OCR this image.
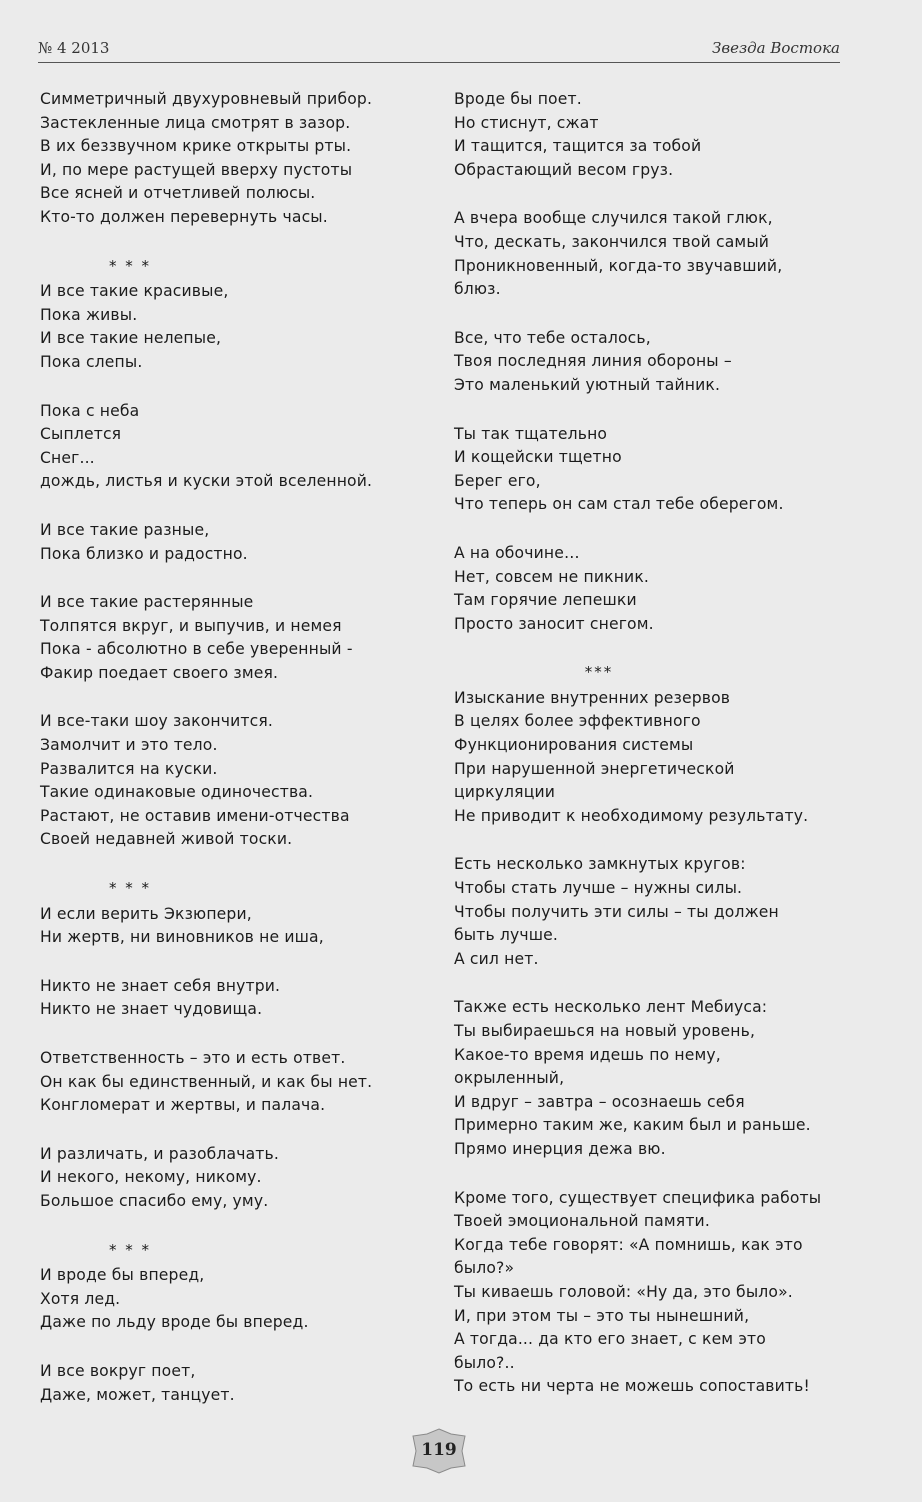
№ 4 2013	Звезда Востока
Симметричный двухуровневый прибор.
Застекленные лица смотрят в зазор.
В их беззвучном крике открыты рты.
И, по мере растущей вверху пустоты
Все ясней и отчетливей полюсы.
Кто-то должен перевернуть часы.
* * *
И все такие красивые,
Пока живы.
И все такие нелепые,
Пока слепы.
Пока с неба
Сыплется
Снег...
дождь, листья и куски этой вселенной.
И все такие разные,
Пока близко и радостно.
И все такие растерянные
Толпятся вкруг, и выпучив, и немея
Пока - абсолютно в себе уверенный -
Факир поедает своего змея.
И все-таки шоу закончится.
Замолчит и это тело.
Развалится на куски.
Такие одинаковые одиночества.
Растают, не оставив имени-отчества
Своей недавней живой тоски.
* * *
И если верить Экзюпери,
Ни жертв, ни виновников не иша,
Никто не знает себя внутри.
Никто не знает чудовища.
Ответственность – это и есть ответ.
Он как бы единственный, и как бы нет.
Конгломерат и жертвы, и палача.
И различать, и разоблачать.
И некого, некому, никому.
Большое спасибо ему, уму.
* * *
И вроде бы вперед,
Хотя лед.
Даже по льду вроде бы вперед.
И все вокруг поет,
Даже, может, танцует.
Вроде бы поет.
Но стиснут, сжат
И тащится, тащится за тобой
Обрастающий весом груз.
А вчера вообще случился такой глюк,
Что, дескать, закончился твой самый
Проникновенный, когда-то звучавший,
блюз.
Все, что тебе осталось,
Твоя последняя линия обороны –
Это маленький уютный тайник.
Ты так тщательно
И кощейски тщетно
Берег его,
Что теперь он сам стал тебе оберегом.
А на обочине…
Нет, совсем не пикник.
Там горячие лепешки
Просто заносит снегом.
***
Изыскание внутренних резервов
В целях более эффективного
Функционирования системы
При нарушенной энергетической
циркуляции
Не приводит к необходимому результату.
Есть несколько замкнутых кругов:
Чтобы стать лучше – нужны силы.
Чтобы получить эти силы – ты должен
быть лучше.
А сил нет.
Также есть несколько лент Мебиуса:
Ты выбираешься на новый уровень,
Какое-то время идешь по нему,
окрыленный,
И вдруг – завтра – осознаешь себя
Примерно таким же, каким был и раньше.
Прямо инерция дежа вю.
Кроме того, существует специфика работы
Твоей эмоциональной памяти.
Когда тебе говорят: «А помнишь, как это
было?»
Ты киваешь головой: «Ну да, это было».
И, при этом ты – это ты нынешний,
А тогда... да кто его знает, с кем это
было?..
То есть ни черта не можешь сопоставить!
119
